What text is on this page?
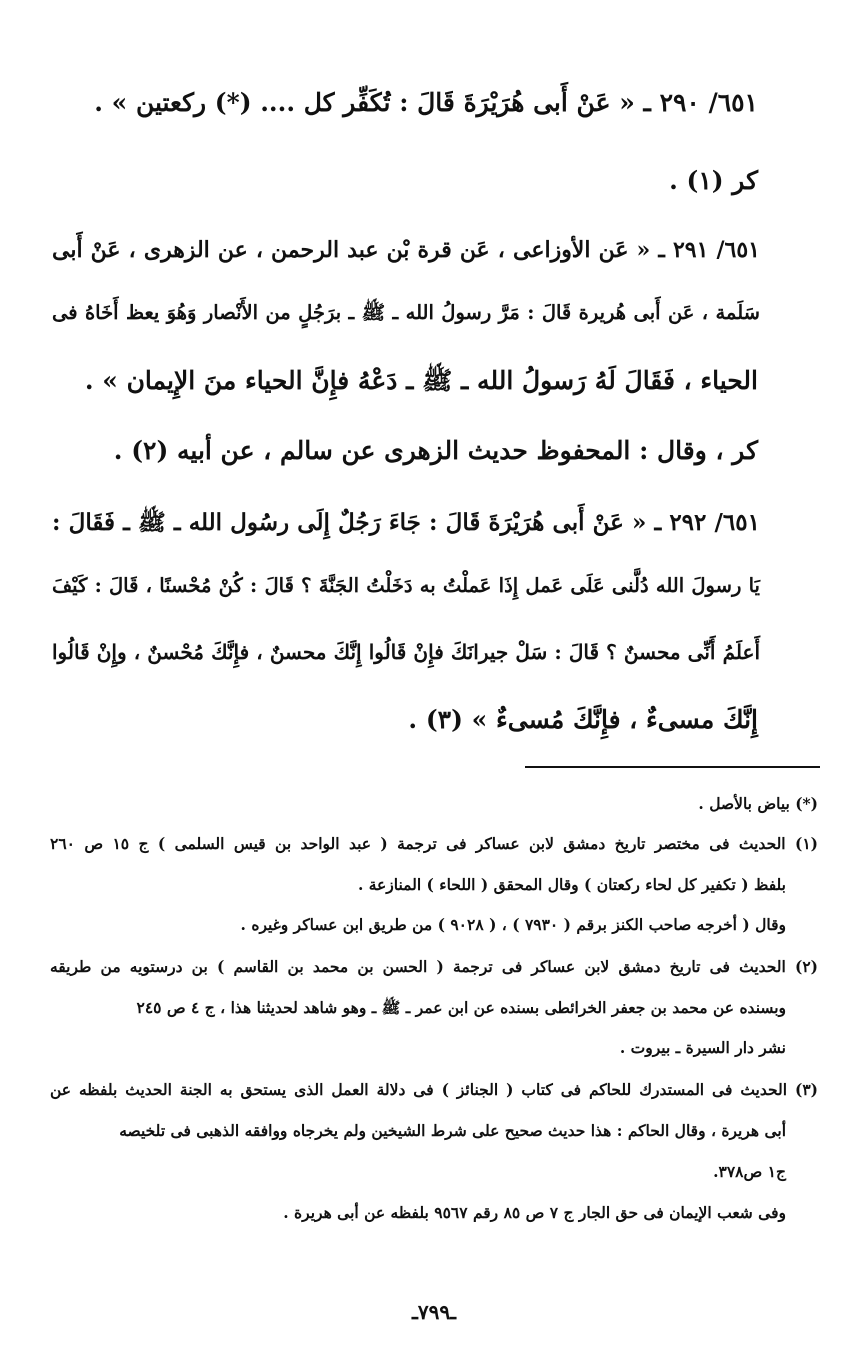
٦٥١/ ٢٩٠ ـ « عَنْ أَبى هُرَيْرَةَ قَالَ : تُكَفِّر كل .... (*) ركعتين » .
كر (١) .
٦٥١/ ٢٩١ ـ « عَن الأوزاعى ، عَن قرة بْن عبد الرحمن ، عن الزهرى ، عَنْ أَبى
سَلَمة ، عَن أَبى هُريرة قَالَ : مَرَّ رسولُ الله ـ ﷺ ـ برَجُلٍ من الأَنْصار وَهُوَ يعظ أَخَاهُ فى
الحياء ، فَقَالَ لَهُ رَسولُ الله ـ ﷺ ـ دَعْهُ فإِنَّ الحياء منَ الإِيمان » .
كر ، وقال : المحفوظ حديث الزهرى عن سالم ، عن أبيه (٢) .
٦٥١/ ٢٩٢ ـ « عَنْ أَبى هُرَيْرَةَ قَالَ : جَاءَ رَجُلٌ إِلَى رسُول الله ـ ﷺ ـ فَقَالَ :
يَا رسولَ الله دُلَّنى عَلَى عَمل إِذَا عَملْتُ به دَخَلْتُ الجَنَّةَ ؟ قَالَ : كُنْ مُحْسنًا ، قَالَ : كَيْفَ
أَعلَمُ أَنِّى محسنٌ ؟ قَالَ : سَلْ جيرانَكَ فإِنْ قَالُوا إِنَّكَ محسنٌ ، فإِنَّكَ مُحْسنٌ ، وإِنْ قَالُوا
إِنَّكَ مسىءٌ ، فإِنَّكَ مُسىءٌ » (٣) .
(*) بياض بالأصل .
(١) الحديث فى مختصر تاريخ دمشق لابن عساكر فى ترجمة ( عبد الواحد بن قيس السلمى ) ج ١٥ ص ٢٦٠
بلفظ ( تكفير كل لحاء ركعتان ) وقال المحقق ( اللحاء ) المنازعة .
وقال ( أخرجه صاحب الكنز برقم ( ٧٩٣٠ ) ، ( ٩٠٢٨ ) من طريق ابن عساكر وغيره .
(٢) الحديث فى تاريخ دمشق لابن عساكر فى ترجمة ( الحسن بن محمد بن القاسم ) بن درستويه من طريقه
وبسنده عن محمد بن جعفر الخرائطى بسنده عن ابن عمر ـ ﷺ ـ وهو شاهد لحديثنا هذا ، ج ٤ ص ٢٤٥
نشر دار السيرة ـ بيروت .
(٣) الحديث فى المستدرك للحاكم فى كتاب ( الجنائز ) فى دلالة العمل الذى يستحق به الجنة الحديث بلفظه عن
أبى هريرة ، وقال الحاكم : هذا حديث صحيح على شرط الشيخين ولم يخرجاه ووافقه الذهبى فى تلخيصه
ج١ ص٣٧٨.
وفى شعب الإيمان فى حق الجار ج ٧ ص ٨٥ رقم ٩٥٦٧ بلفظه عن أبى هريرة .
ـ٧٩٩ـ
